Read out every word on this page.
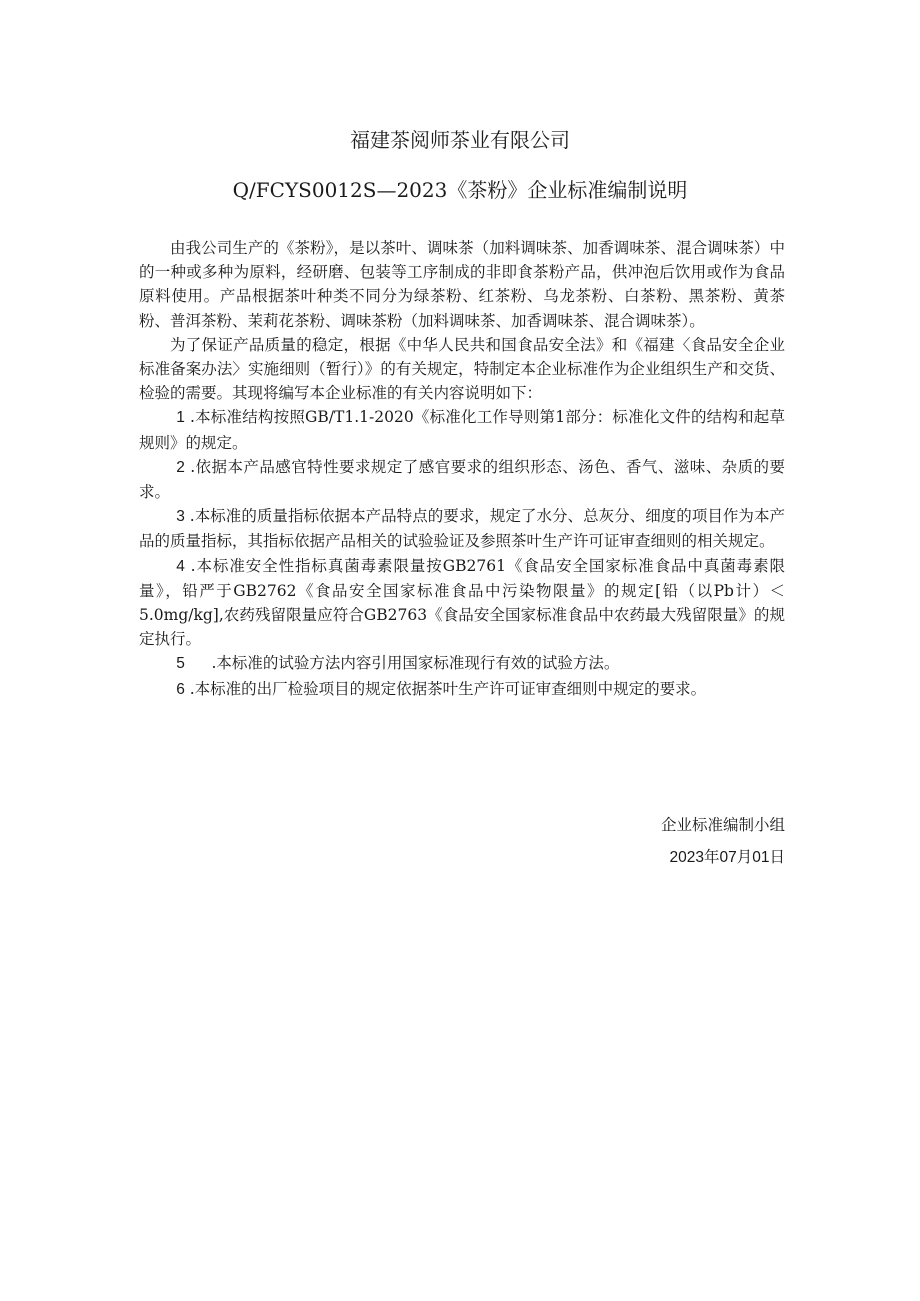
福建茶阅师茶业有限公司
Q/FCYS0012S—2023《茶粉》企业标准编制说明

由我公司生产的《茶粉》，是以茶叶、调味茶（加料调味茶、加香调味茶、混合调味茶）中的一种或多种为原料，经研磨、包装等工序制成的非即食茶粉产品，供冲泡后饮用或作为食品原料使用。产品根据茶叶种类不同分为绿茶粉、红茶粉、乌龙茶粉、白茶粉、黑茶粉、黄茶粉、普洱茶粉、茉莉花茶粉、调味茶粉（加料调味茶、加香调味茶、混合调味茶）。

为了保证产品质量的稳定，根据《中华人民共和国食品安全法》和《福建〈食品安全企业标准备案办法〉实施细则（暂行）》的有关规定，特制定本企业标准作为企业组织生产和交货、检验的需要。其现将编写本企业标准的有关内容说明如下：

1 .本标准结构按照GB/T1.1-2020《标准化工作导则第1部分：标准化文件的结构和起草规则》的规定。
2 .依据本产品感官特性要求规定了感官要求的组织形态、汤色、香气、滋味、杂质的要求。
3 .本标准的质量指标依据本产品特点的要求，规定了水分、总灰分、细度的项目作为本产品的质量指标，其指标依据产品相关的试验验证及参照茶叶生产许可证审查细则的相关规定。
4 .本标准安全性指标真菌毒素限量按GB2761《食品安全国家标准食品中真菌毒素限量》，铅严于GB2762《食品安全国家标准食品中污染物限量》的规定[铅（以Pb计）＜5.0mg/kg],农药残留限量应符合GB2763《食品安全国家标准食品中农药最大残留限量》的规定执行。
5 .本标准的试验方法内容引用国家标准现行有效的试验方法。
6 .本标准的出厂检验项目的规定依据茶叶生产许可证审查细则中规定的要求。

企业标准编制小组

2023年07月01日
